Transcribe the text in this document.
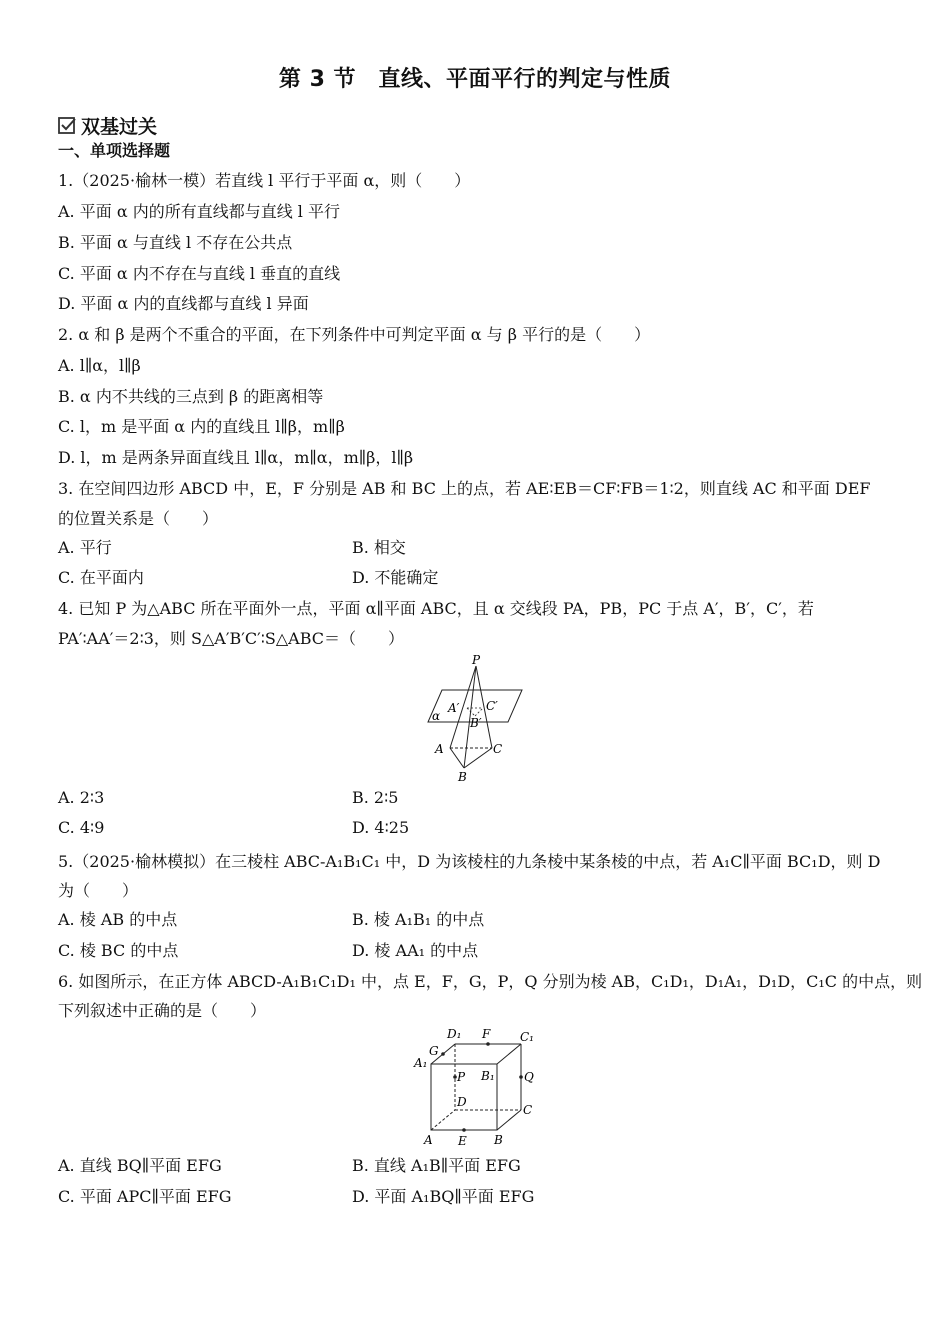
第 3 节　直线、平面平行的判定与性质
双基过关
一、单项选择题
1.（2025·榆林一模）若直线 l 平行于平面 α，则（　　）
A. 平面 α 内的所有直线都与直线 l 平行
B. 平面 α 与直线 l 不存在公共点
C. 平面 α 内不存在与直线 l 垂直的直线
D. 平面 α 内的直线都与直线 l 异面
2. α 和 β 是两个不重合的平面，在下列条件中可判定平面 α 与 β 平行的是（　　）
A. l∥α，l∥β
B. α 内不共线的三点到 β 的距离相等
C. l，m 是平面 α 内的直线且 l∥β，m∥β
D. l，m 是两条异面直线且 l∥α，m∥α，m∥β，l∥β
3. 在空间四边形 ABCD 中，E，F 分别是 AB 和 BC 上的点，若 AE∶EB＝CF∶FB＝1∶2，则直线 AC 和平面 DEF
的位置关系是（　　）
A. 平行	B. 相交
C. 在平面内	D. 不能确定
4. 已知 P 为△ABC 所在平面外一点，平面 α∥平面 ABC，且 α 交线段 PA，PB，PC 于点 A′，B′，C′，若
PA′∶AA′＝2∶3，则 S△A′B′C′∶S△ABC＝（　　）
P
A′
B′
C′
α
A	C
B
A. 2∶3	B. 2∶5
C. 4∶9	D. 4∶25
5.（2025·榆林模拟）在三棱柱 ABC-A₁B₁C₁ 中，D 为该棱柱的九条棱中某条棱的中点，若 A₁C∥平面 BC₁D，则 D
为（　　）
A. 棱 AB 的中点	B. 棱 A₁B₁ 的中点
C. 棱 BC 的中点	D. 棱 AA₁ 的中点
6. 如图所示，在正方体 ABCD-A₁B₁C₁D₁ 中，点 E，F，G，P，Q 分别为棱 AB，C₁D₁，D₁A₁，D₁D，C₁C 的中点，则
下列叙述中正确的是（　　）
D₁ F C₁
G
A₁
P B₁ Q
D
C
A E B
A. 直线 BQ∥平面 EFG	B. 直线 A₁B∥平面 EFG
C. 平面 APC∥平面 EFG	D. 平面 A₁BQ∥平面 EFG
